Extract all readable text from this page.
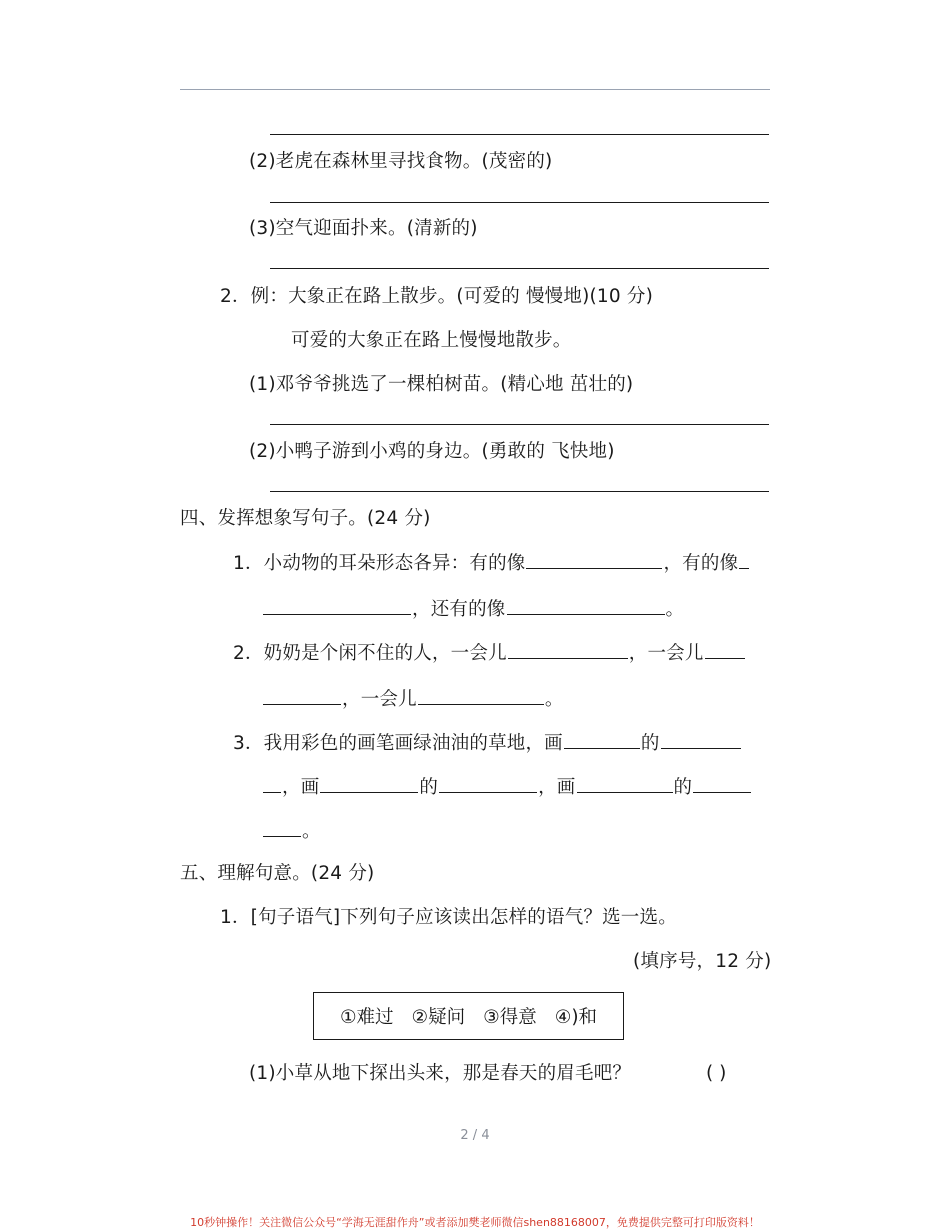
(2)老虎在森林里寻找食物。(茂密的)
(3)空气迎面扑来。(清新的)
2．例：大象正在路上散步。(可爱的 慢慢地)(10 分)
可爱的大象正在路上慢慢地散步。
(1)邓爷爷挑选了一棵柏树苗。(精心地 茁壮的)
(2)小鸭子游到小鸡的身边。(勇敢的 飞快地)
四、发挥想象写句子。(24 分)
1．小动物的耳朵形态各异：有的像	，有的像
，还有的像	。
2．奶奶是个闲不住的人，一会儿	，一会儿
，一会儿	。
3．我用彩色的画笔画绿油油的草地，画	的
，画	的	，画	的
。
五、理解句意。(24 分)
1．[句子语气]下列句子应该读出怎样的语气？选一选。
(填序号，12 分)
①难过 ②疑问 ③得意 ④)和
(1)小草从地下探出头来，那是春天的眉毛吧？	( )
2 / 4
10秒钟操作！关注微信公众号“学海无涯甜作舟”或者添加樊老师微信shen88168007，免费提供完整可打印版资料！
